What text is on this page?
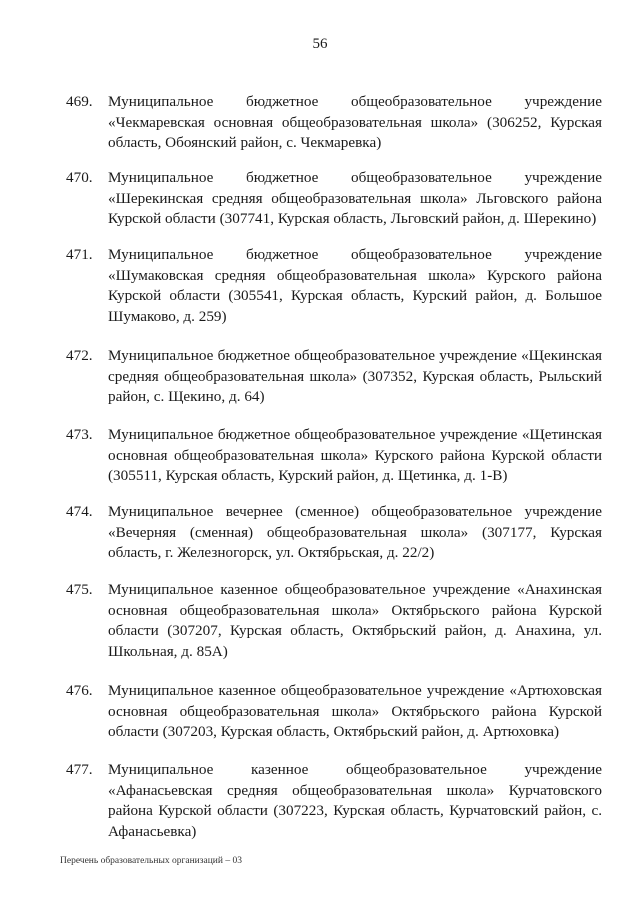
56
469.	Муниципальное бюджетное общеобразовательное учреждение «Чекмаревская основная общеобразовательная школа» (306252, Курская область, Обоянский район, с. Чекмаревка)
470.	Муниципальное бюджетное общеобразовательное учреждение «Шерекинская средняя общеобразовательная школа» Льговского района Курской области (307741, Курская область, Льговский район, д. Шерекино)
471.	Муниципальное бюджетное общеобразовательное учреждение «Шумаковская средняя общеобразовательная школа» Курского района Курской области (305541, Курская область, Курский район, д. Большое Шумаково, д. 259)
472.	Муниципальное бюджетное общеобразовательное учреждение «Щекинская средняя общеобразовательная школа» (307352, Курская область, Рыльский район, с. Щекино, д. 64)
473.	Муниципальное бюджетное общеобразовательное учреждение «Щетинская основная общеобразовательная школа» Курского района Курской области (305511, Курская область, Курский район, д. Щетинка, д. 1-В)
474.	Муниципальное вечернее (сменное) общеобразовательное учреждение «Вечерняя (сменная) общеобразовательная школа» (307177, Курская область, г. Железногорск, ул. Октябрьская, д. 22/2)
475.	Муниципальное казенное общеобразовательное учреждение «Анахинская основная общеобразовательная школа» Октябрьского района Курской области (307207, Курская область, Октябрьский район, д. Анахина, ул. Школьная, д. 85А)
476.	Муниципальное казенное общеобразовательное учреждение «Артюховская основная общеобразовательная школа» Октябрьского района Курской области (307203, Курская область, Октябрьский район, д. Артюховка)
477.	Муниципальное казенное общеобразовательное учреждение «Афанасьевская средняя общеобразовательная школа» Курчатовского района Курской области (307223, Курская область, Курчатовский район, с. Афанасьевка)
Перечень образовательных организаций – 03
